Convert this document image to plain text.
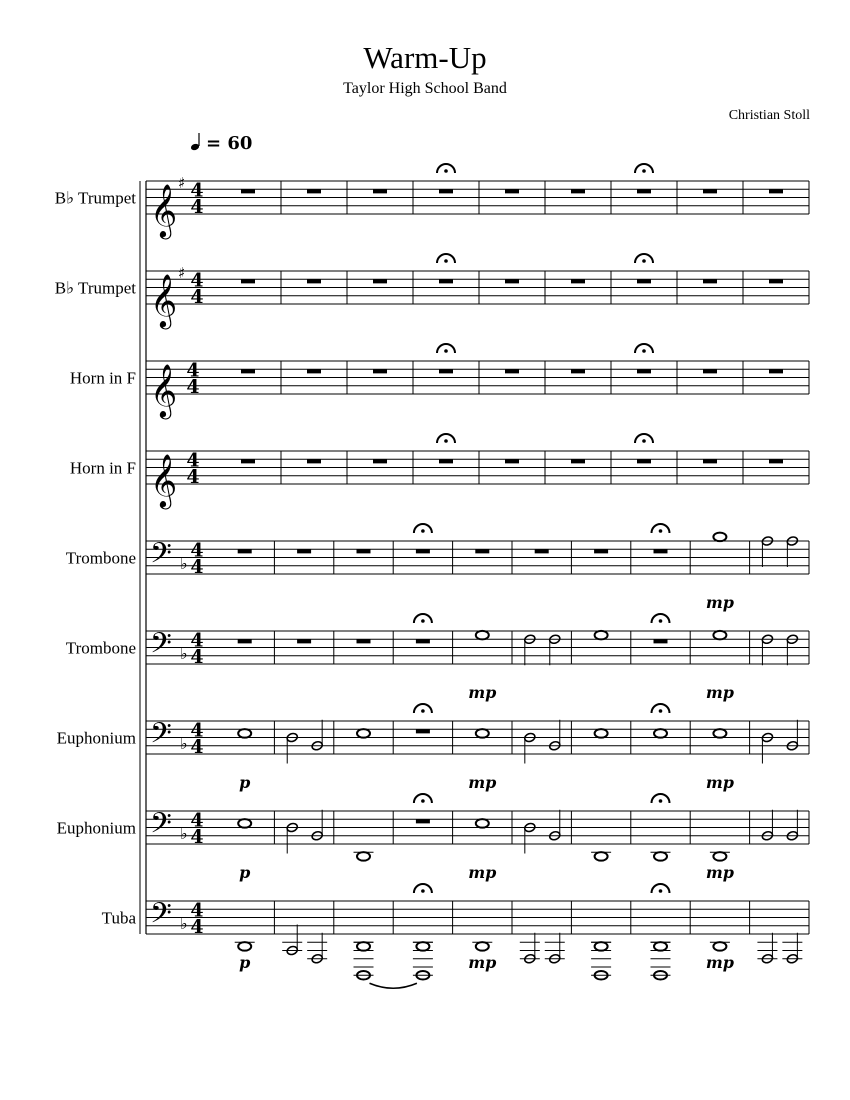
Warm-Up
Taylor High School Band
Christian Stoll
= 60
B♭ Trumpet 𝄞 ♯ 4
4
B♭ Trumpet 𝄞 ♯ 4
4
Horn in F 𝄞 4
4
Horn in F 𝄞 4
4
Trombone 𝄢 ♭
4
4
mp
Trombone 𝄢 ♭
4
4
mp	mp
Euphonium 𝄢 ♭
4
4
p	mp	mp
Euphonium 𝄢 ♭
4
4
p	mp	mp
Tuba 𝄢 ♭
4
4
p	mp	mp
